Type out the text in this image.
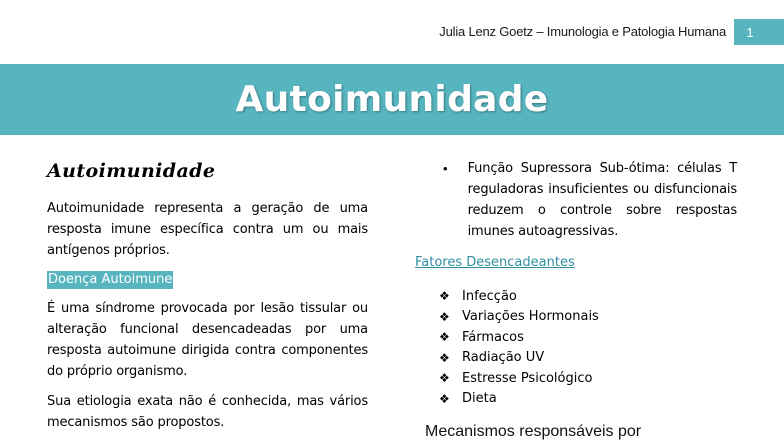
Julia Lenz Goetz – Imunologia e Patologia Humana	1
Autoimunidade
Autoimunidade

Autoimunidade representa a geração de uma resposta imune específica contra um ou mais antígenos próprios.

Doença Autoimune

É uma síndrome provocada por lesão tissular ou alteração funcional desencadeadas por uma resposta autoimune dirigida contra componentes do próprio organismo.

Sua etiologia exata não é conhecida, mas vários mecanismos são propostos.

• Função Supressora Sub-ótima: células T reguladoras insuficientes ou disfuncionais reduzem o controle sobre respostas imunes autoagressivas.

Fatores Desencadeantes
❖ Infecção
❖ Variações Hormonais
❖ Fármacos
❖ Radiação UV
❖ Estresse Psicológico
❖ Dieta
Mecanismos responsáveis por
